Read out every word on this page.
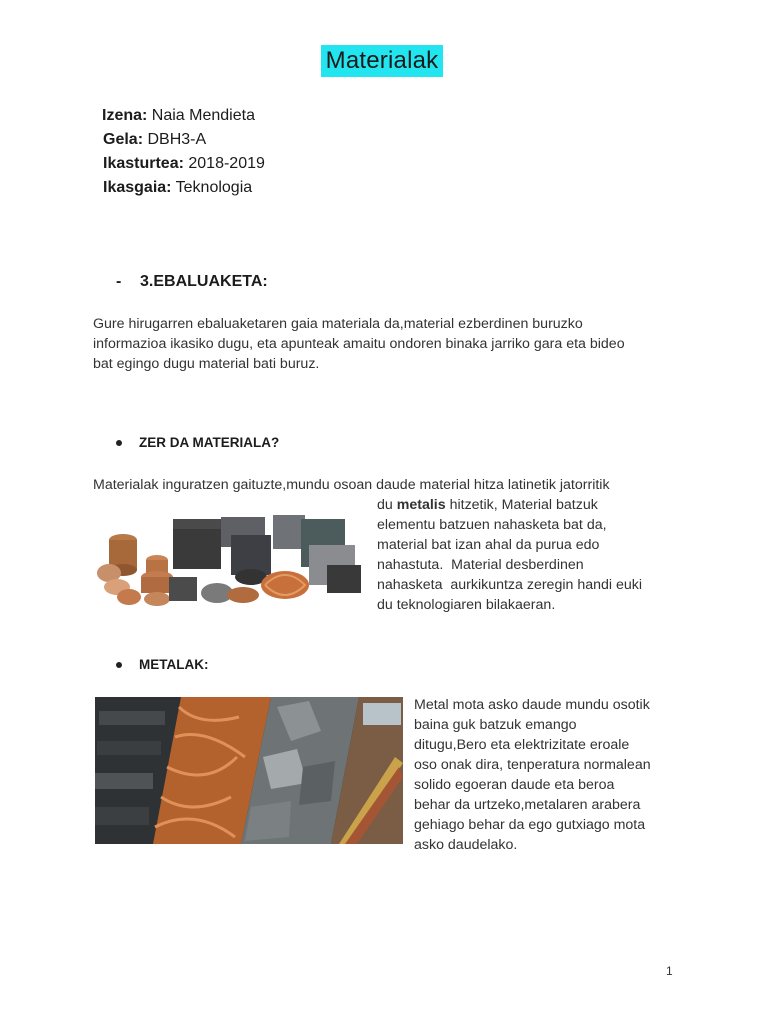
Materialak
Izena: Naia Mendieta
Gela: DBH3-A
Ikasturtea: 2018-2019
Ikasgaia: Teknologia
- 3.EBALUAKETA:
Gure hirugarren ebaluaketaren gaia materiala da,material ezberdinen buruzko
informazioa ikasiko dugu, eta apunteak amaitu ondoren binaka jarriko gara eta bideo
bat egingo dugu material bati buruz.
ZER DA MATERIALA?
Materialak inguratzen gaituzte,mundu osoan daude material hitza latinetik jatorritik
du metalis hitzetik, Material batzuk
elementu batzuen nahasketa bat da,
material bat izan ahal da purua edo
nahastuta.  Material desberdinen
nahasketa  aurkikuntza zeregin handi euki
du teknologiaren bilakaeran.
METALAK:
Metal mota asko daude mundu osotik
baina guk batzuk emango
ditugu,Bero eta elektrizitate eroale
oso onak dira, tenperatura normalean
solido egoeran daude eta beroa
behar da urtzeko,metalaren arabera
gehiago behar da ego gutxiago mota
asko daudelako.
1
